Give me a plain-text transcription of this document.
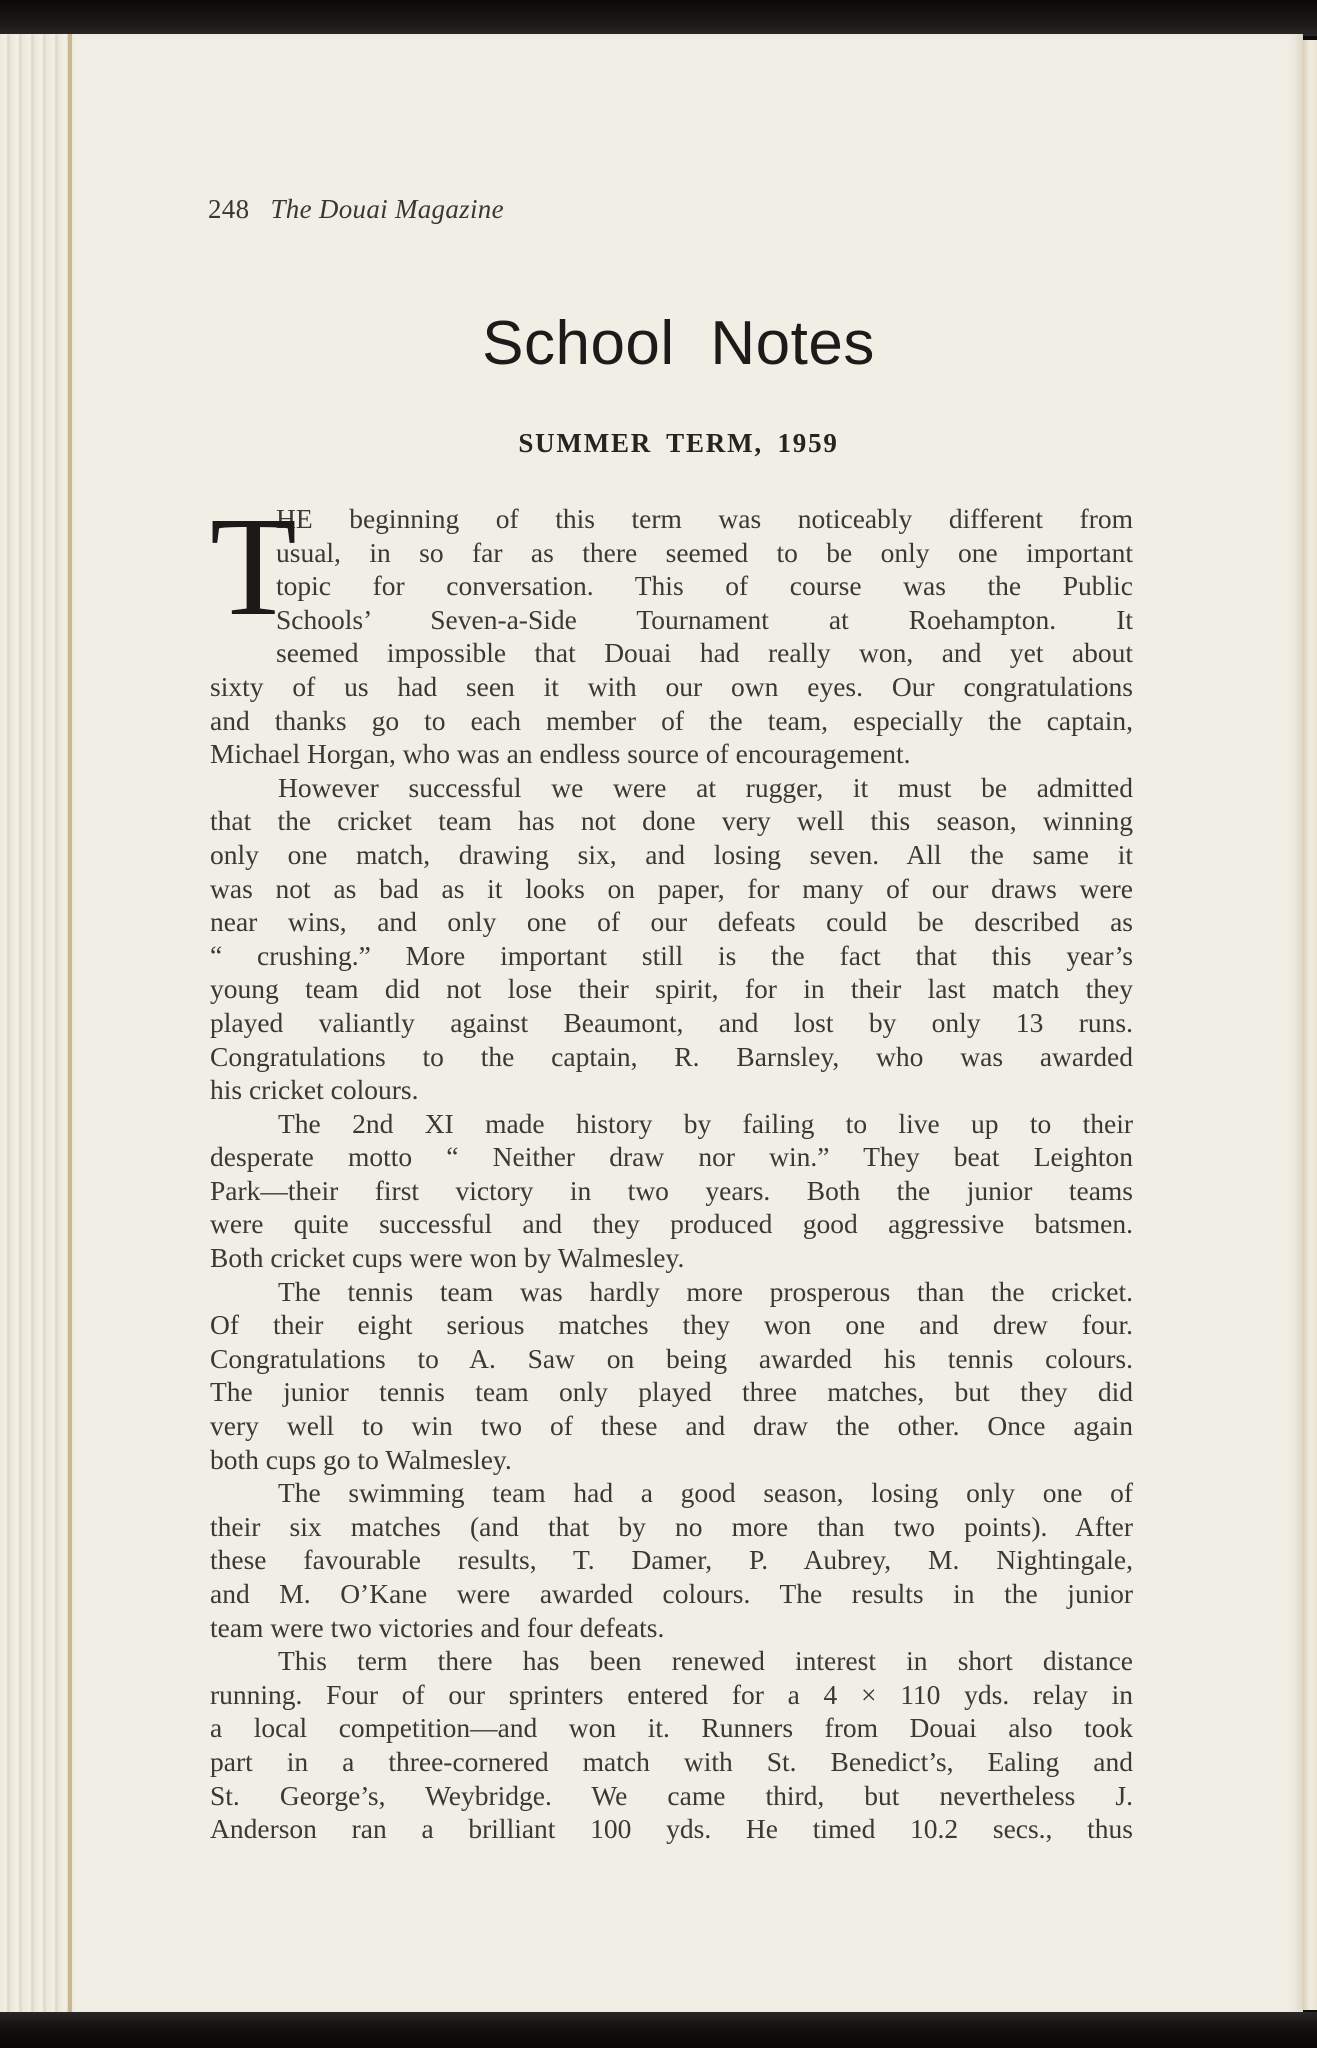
248 The Douai Magazine
School Notes
SUMMER TERM, 1959
T
HE beginning of this term was noticeably different from
usual, in so far as there seemed to be only one important
topic for conversation. This of course was the Public
Schools’ Seven-a-Side Tournament at Roehampton. It
seemed impossible that Douai had really won, and yet about
sixty of us had seen it with our own eyes. Our congratulations
and thanks go to each member of the team, especially the captain,
Michael Horgan, who was an endless source of encouragement.
However successful we were at rugger, it must be admitted
that the cricket team has not done very well this season, winning
only one match, drawing six, and losing seven. All the same it
was not as bad as it looks on paper, for many of our draws were
near wins, and only one of our defeats could be described as
“ crushing.” More important still is the fact that this year’s
young team did not lose their spirit, for in their last match they
played valiantly against Beaumont, and lost by only 13 runs.
Congratulations to the captain, R. Barnsley, who was awarded
his cricket colours.
The 2nd XI made history by failing to live up to their
desperate motto “ Neither draw nor win.” They beat Leighton
Park—their first victory in two years. Both the junior teams
were quite successful and they produced good aggressive batsmen.
Both cricket cups were won by Walmesley.
The tennis team was hardly more prosperous than the cricket.
Of their eight serious matches they won one and drew four.
Congratulations to A. Saw on being awarded his tennis colours.
The junior tennis team only played three matches, but they did
very well to win two of these and draw the other. Once again
both cups go to Walmesley.
The swimming team had a good season, losing only one of
their six matches (and that by no more than two points). After
these favourable results, T. Damer, P. Aubrey, M. Nightingale,
and M. O’Kane were awarded colours. The results in the junior
team were two victories and four defeats.
This term there has been renewed interest in short distance
running. Four of our sprinters entered for a 4 × 110 yds. relay in
a local competition—and won it. Runners from Douai also took
part in a three-cornered match with St. Benedict’s, Ealing and
St. George’s, Weybridge. We came third, but nevertheless J.
Anderson ran a brilliant 100 yds. He timed 10.2 secs., thus
